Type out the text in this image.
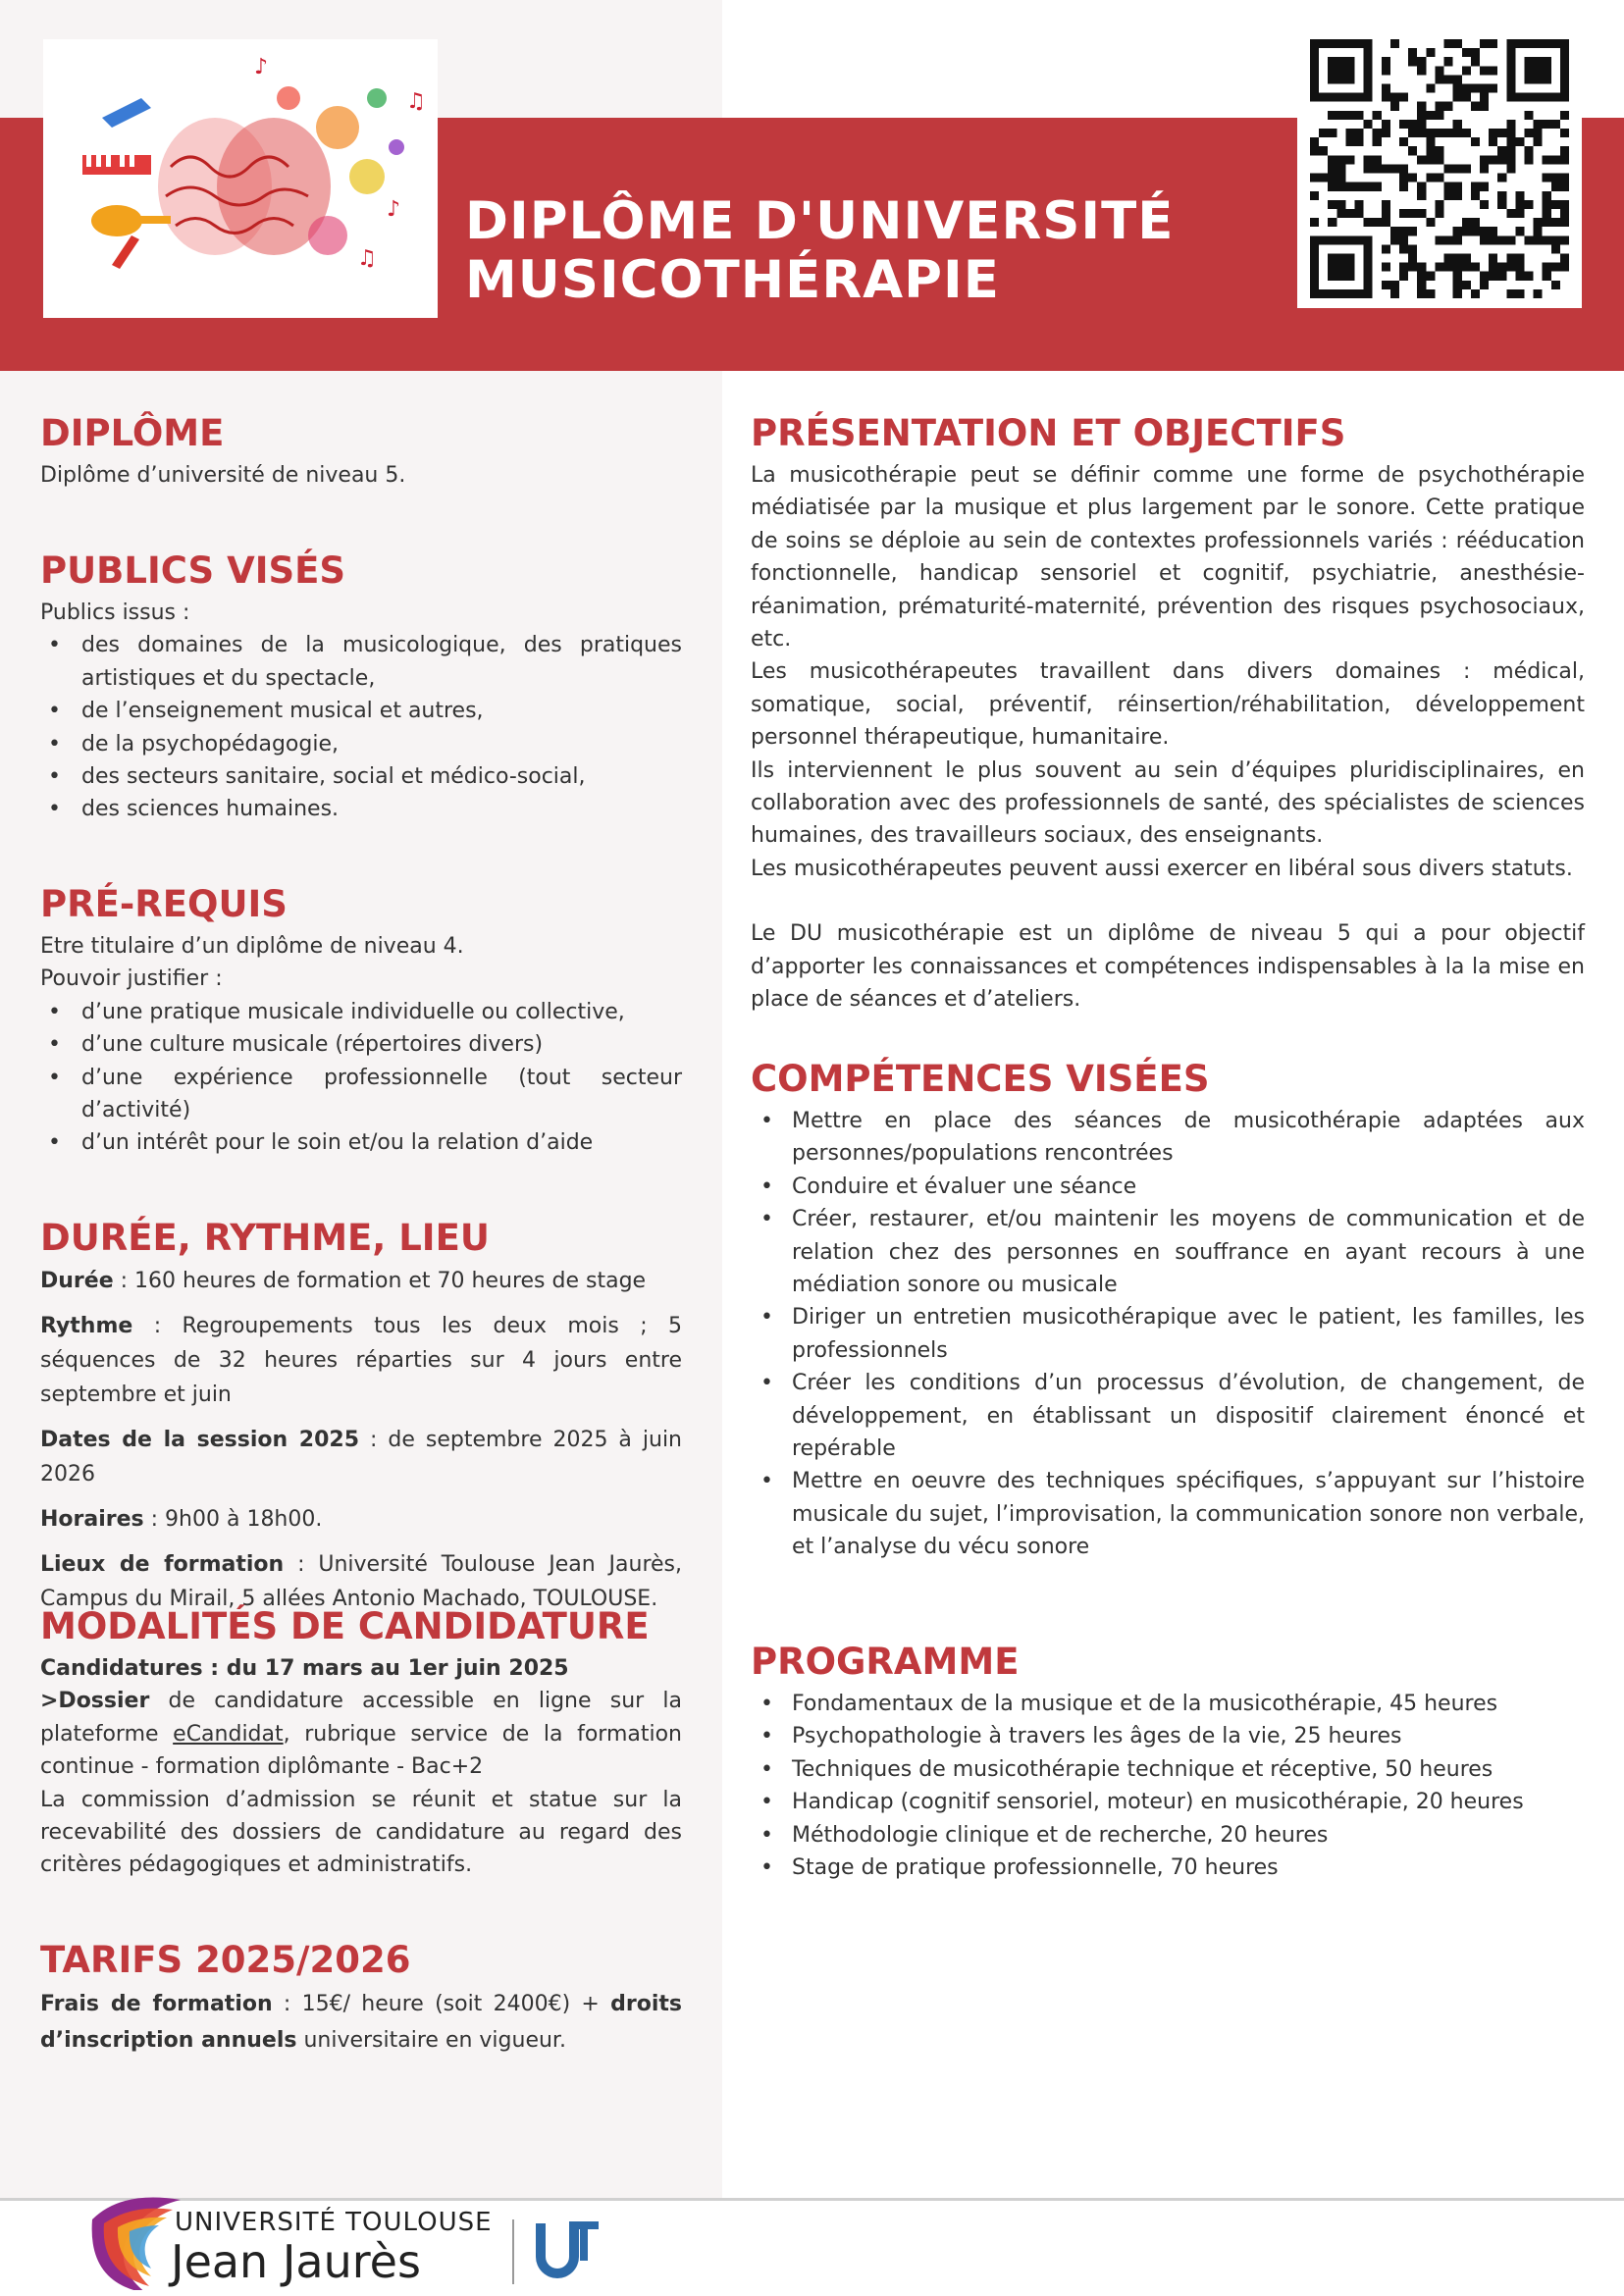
♪
♫
♪
♫
DIPLÔME D'UNIVERSITÉ
MUSICOTHÉRAPIE
DIPLÔME
Diplôme d’université de niveau 5.
PUBLICS VISÉS
Publics issus :
• des domaines de la musicologique, des pratiques artistiques et du spectacle,
• de l’enseignement musical et autres,
• de la psychopédagogie,
• des secteurs sanitaire, social et médico-social,
• des sciences humaines.
PRÉ-REQUIS
Etre titulaire d’un diplôme de niveau 4.
Pouvoir justifier :
• d’une pratique musicale individuelle ou collective,
• d’une culture musicale (répertoires divers)
• d’une expérience professionnelle (tout secteur d’activité)
• d’un intérêt pour le soin et/ou la relation d’aide
DURÉE, RYTHME, LIEU

Durée : 160 heures de formation et 70 heures de stage

Rythme : Regroupements tous les deux mois ; 5 séquences de 32 heures réparties sur 4 jours entre septembre et juin

Dates de la session 2025 : de septembre 2025 à juin 2026

Horaires : 9h00 à 18h00.

Lieux de formation : Université Toulouse Jean Jaurès, Campus du Mirail, 5 allées Antonio Machado, TOULOUSE.

MODALITÉS DE CANDIDATURE
Candidatures : du 17 mars au 1er juin 2025
>Dossier de candidature accessible en ligne sur la plateforme eCandidat, rubrique service de la formation continue - formation diplômante - Bac+2
La commission d’admission se réunit et statue sur la recevabilité des dossiers de candidature au regard des critères pédagogiques et administratifs.
TARIFS 2025/2026
Frais de formation : 15€/ heure (soit 2400€) + droits d’inscription annuels universitaire en vigueur.
PRÉSENTATION ET OBJECTIFS
La musicothérapie peut se définir comme une forme de psychothérapie médiatisée par la musique et plus largement par le sonore. Cette pratique de soins se déploie au sein de contextes professionnels variés : rééducation fonctionnelle, handicap sensoriel et cognitif, psychiatrie, anesthésie-réanimation, prématurité-maternité, prévention des risques psychosociaux, etc.
Les musicothérapeutes travaillent dans divers domaines : médical, somatique, social, préventif, réinsertion/réhabilitation, développement personnel thérapeutique, humanitaire.
Ils interviennent le plus souvent au sein d’équipes pluridisciplinaires, en collaboration avec des professionnels de santé, des spécialistes de sciences humaines, des travailleurs sociaux, des enseignants.
Les musicothérapeutes peuvent aussi exercer en libéral sous divers statuts.
Le DU musicothérapie est un diplôme de niveau 5 qui a pour objectif d’apporter les connaissances et compétences indispensables à la la mise en place de séances et d’ateliers.
COMPÉTENCES VISÉES
• Mettre en place des séances de musicothérapie adaptées aux personnes/populations rencontrées
• Conduire et évaluer une séance
• Créer, restaurer, et/ou maintenir les moyens de communication et de relation chez des personnes en souffrance en ayant recours à une médiation sonore ou musicale
• Diriger un entretien musicothérapique avec le patient, les familles, les professionnels
• Créer les conditions d’un processus d’évolution, de changement, de développement, en établissant un dispositif clairement énoncé et repérable
• Mettre en oeuvre des techniques spécifiques, s’appuyant sur l’histoire musicale du sujet, l’improvisation, la communication sonore non verbale, et l’analyse du vécu sonore
PROGRAMME
• Fondamentaux de la musique et de la musicothérapie, 45 heures
• Psychopathologie à travers les âges de la vie, 25 heures
• Techniques de musicothérapie technique et réceptive, 50 heures
• Handicap (cognitif sensoriel, moteur) en musicothérapie, 20 heures
• Méthodologie clinique et de recherche, 20 heures
• Stage de pratique professionnelle, 70 heures
UNIVERSITÉ TOULOUSE
Jean Jaurès
